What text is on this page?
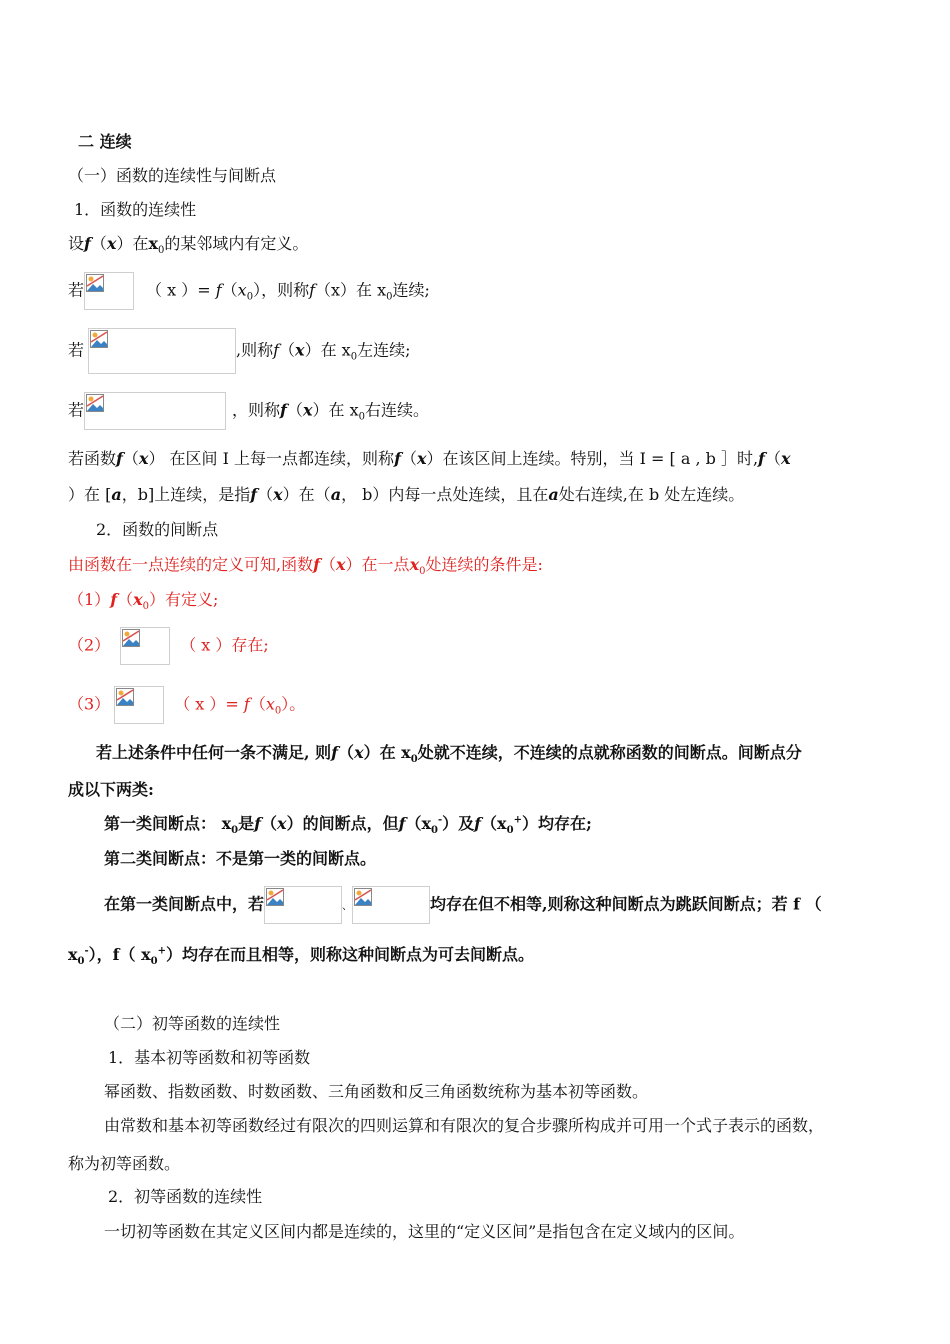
二 连续
（一）函数的连续性与间断点
1．函数的连续性
设f（x）在$x_0$的某邻域内有定义。
若	（ x ）= $f(x_0)$，则称f（x）在 $x_0$连续;
若	,则称f（x）在 $x_0$左连续;
若	，则称f（x）在 $x_0$右连续。
若函数f（x） 在区间 I 上每一点都连续，则称f（x）在该区间上连续。特别，当 I = [ a , b ］时,f（x
）在 [a，b]上连续，是指f（x）在（a， b）内每一点处连续，且在a处右连续,在 b 处左连续。
2．函数的间断点
由函数在一点连续的定义可知,函数f（x）在一点$x_0$处连续的条件是:
$(1)f(x_0)$有定义;
（2）	（ x ）存在;
（3）	（ x ）= $f(x_0)$。
若上述条件中任何一条不满足, 则f（x）在 $x_0$处就不连续，不连续的点就称函数的间断点。间断点分
成以下两类:
第一类间断点： $x_0$是f（x）的间断点，但$f(x_0^-)$及$f(x_0^+)$均存在;
第二类间断点：不是第一类的间断点。
在第一类间断点中，若	、	均存在但不相等,则称这种间断点为跳跃间断点；若 f （
$x_0^-$），f（ $x_0^+$）均存在而且相等，则称这种间断点为可去间断点。
（二）初等函数的连续性
1．基本初等函数和初等函数
幂函数、指数函数、时数函数、三角函数和反三角函数统称为基本初等函数。
由常数和基本初等函数经过有限次的四则运算和有限次的复合步骤所构成并可用一个式子表示的函数，
称为初等函数。
2．初等函数的连续性
一切初等函数在其定义区间内都是连续的，这里的“定义区间”是指包含在定义域内的区间。
